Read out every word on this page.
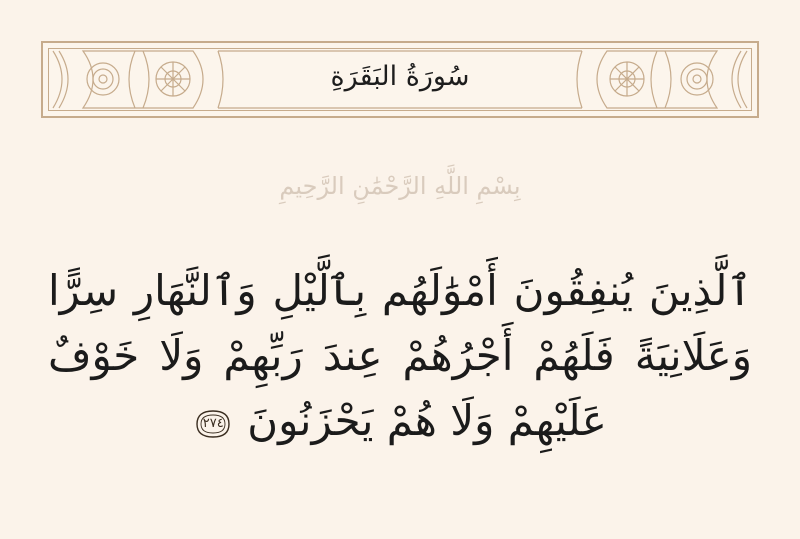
سُورَةُ البَقَرَةِ
بِسْمِ اللَّهِ الرَّحْمَٰنِ الرَّحِيمِ
ٱلَّذِينَ يُنفِقُونَ أَمْوَٰلَهُم بِٱلَّيْلِ وَٱلنَّهَارِ سِرًّا
وَعَلَانِيَةً فَلَهُمْ أَجْرُهُمْ عِندَ رَبِّهِمْ وَلَا خَوْفٌ
عَلَيْهِمْ وَلَا هُمْ يَحْزَنُونَ
٢٧٤
